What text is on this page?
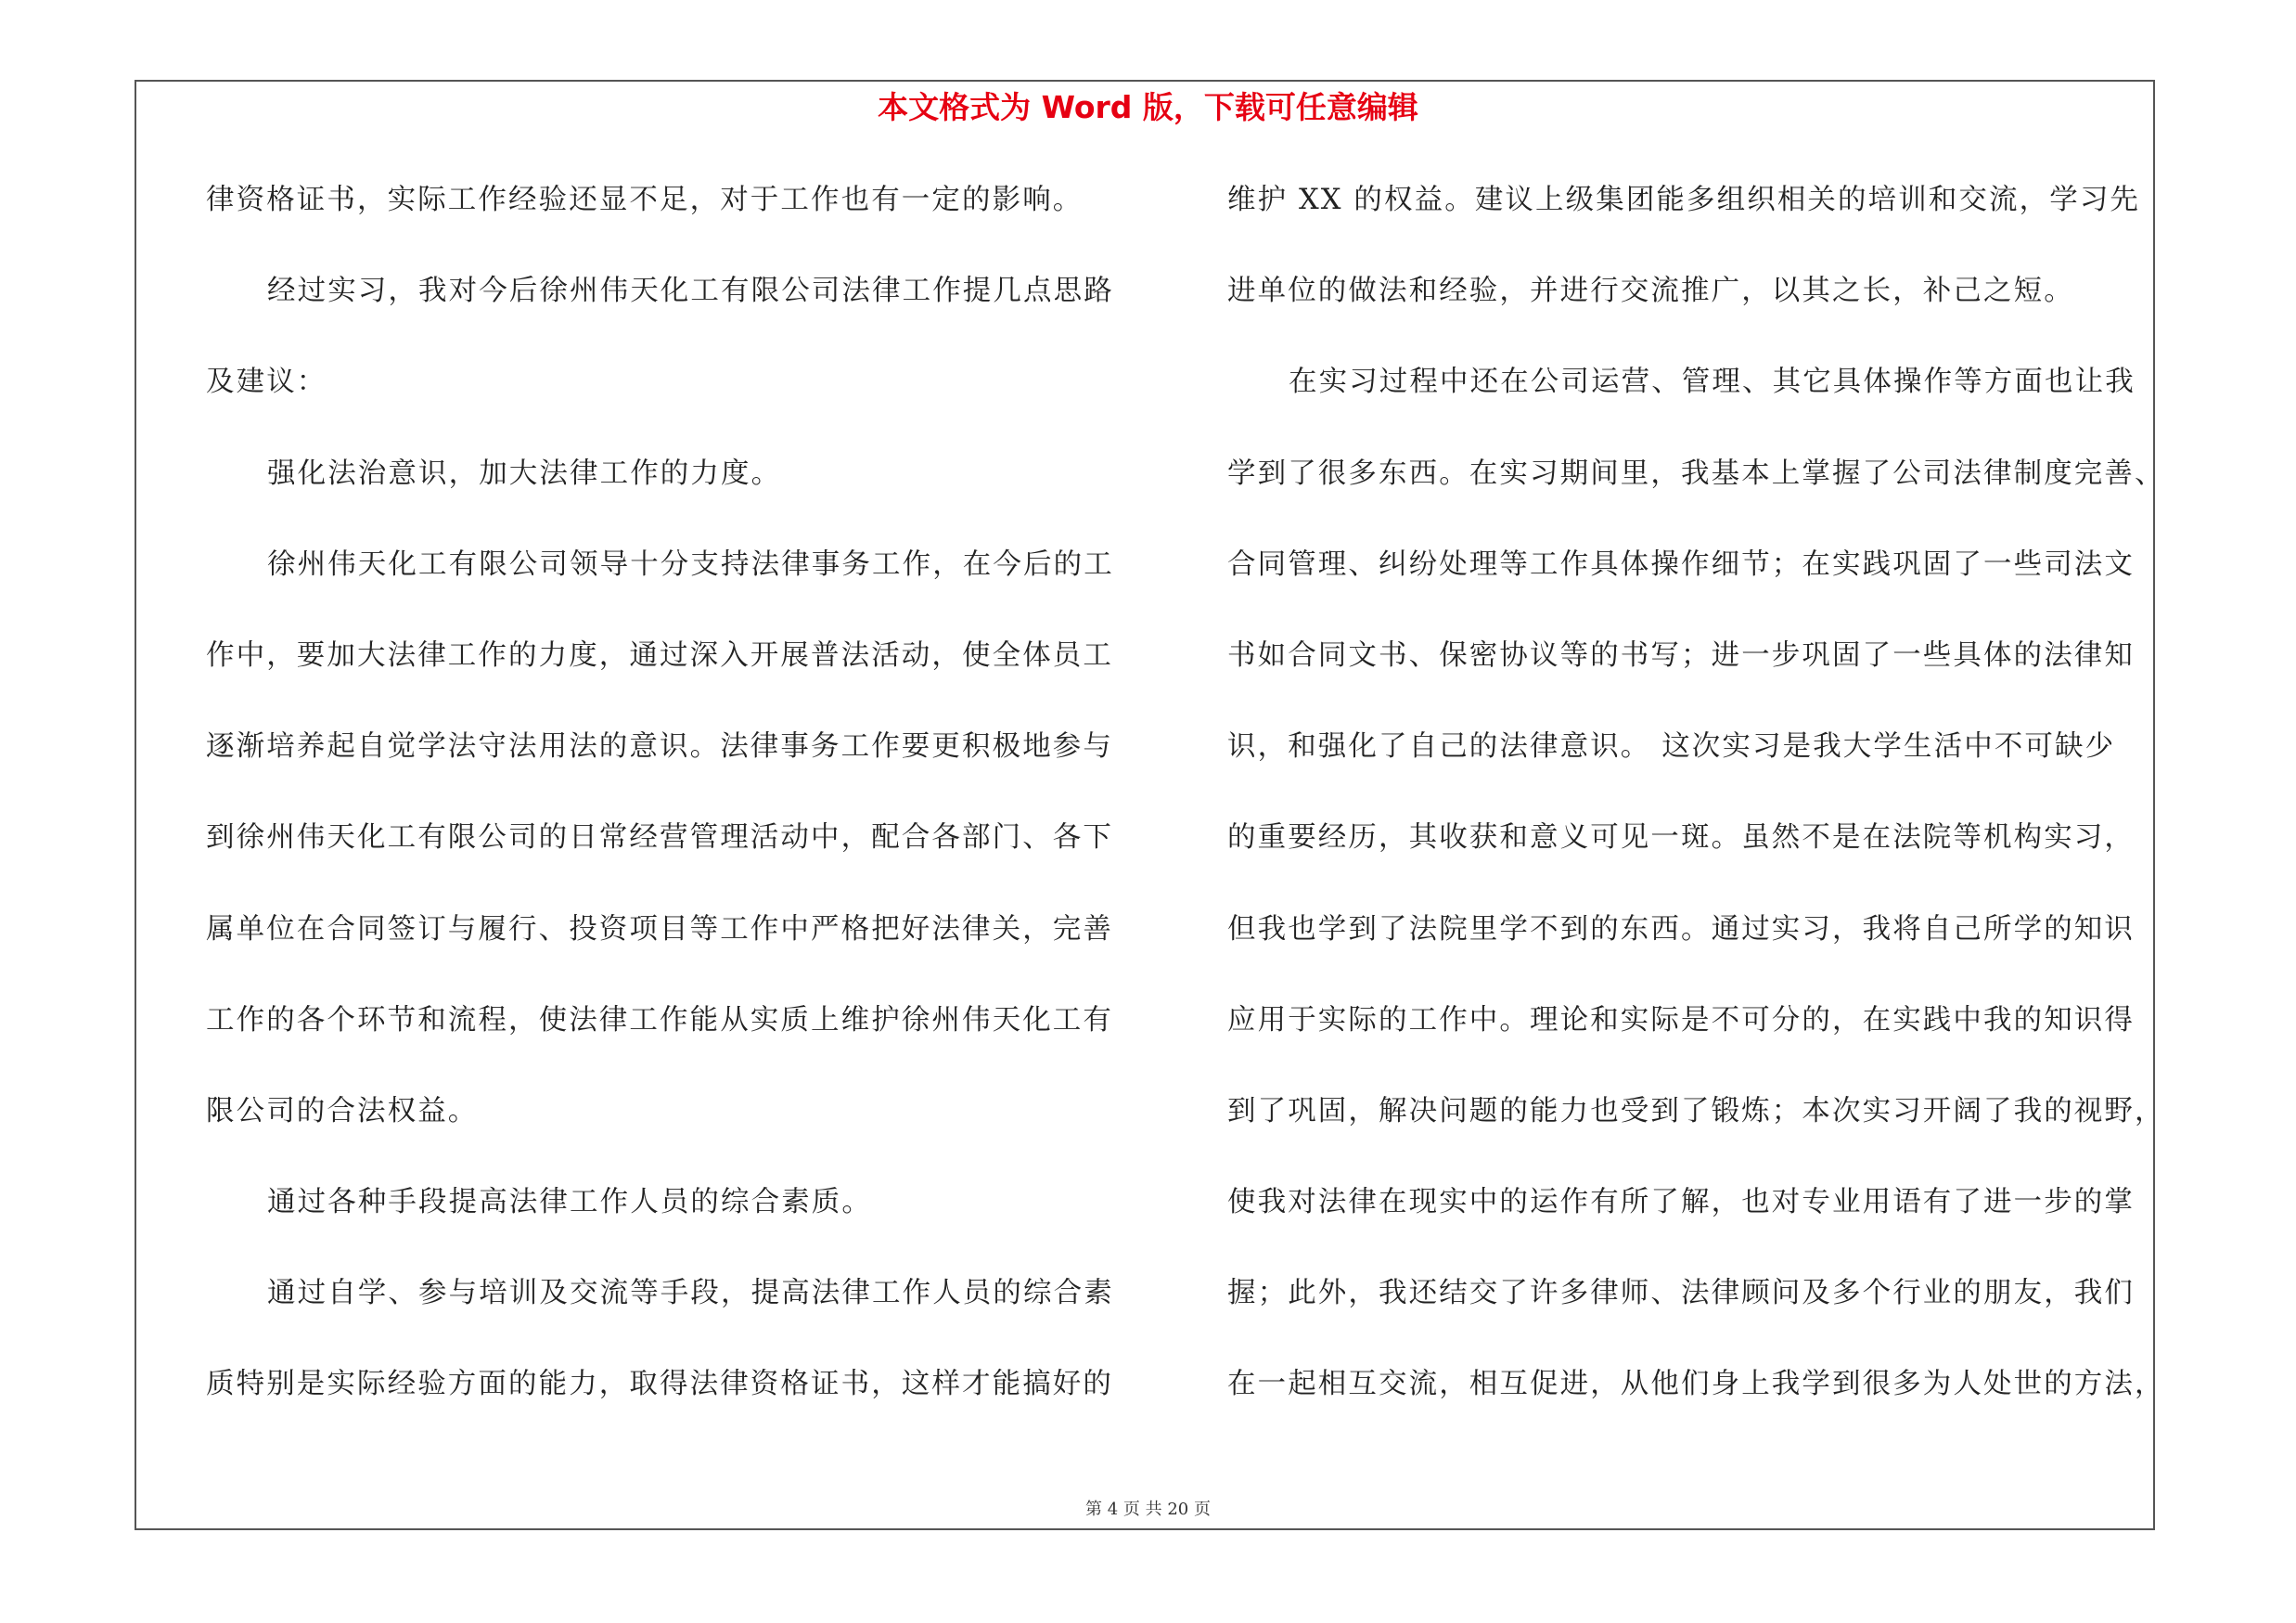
本文格式为 Word 版，下载可任意编辑
律资格证书，实际工作经验还显不足，对于工作也有一定的影响。
经过实习，我对今后徐州伟天化工有限公司法律工作提几点思路
及建议：
强化法治意识，加大法律工作的力度。
徐州伟天化工有限公司领导十分支持法律事务工作，在今后的工
作中，要加大法律工作的力度，通过深入开展普法活动，使全体员工
逐渐培养起自觉学法守法用法的意识。法律事务工作要更积极地参与
到徐州伟天化工有限公司的日常经营管理活动中，配合各部门、各下
属单位在合同签订与履行、投资项目等工作中严格把好法律关，完善
工作的各个环节和流程，使法律工作能从实质上维护徐州伟天化工有
限公司的合法权益。
通过各种手段提高法律工作人员的综合素质。
通过自学、参与培训及交流等手段，提高法律工作人员的综合素
质特别是实际经验方面的能力，取得法律资格证书，这样才能搞好的
维护 XX 的权益。建议上级集团能多组织相关的培训和交流，学习先
进单位的做法和经验，并进行交流推广，以其之长，补己之短。
在实习过程中还在公司运营、管理、其它具体操作等方面也让我
学到了很多东西。在实习期间里，我基本上掌握了公司法律制度完善、
合同管理、纠纷处理等工作具体操作细节；在实践巩固了一些司法文
书如合同文书、保密协议等的书写；进一步巩固了一些具体的法律知
识，和强化了自己的法律意识。 这次实习是我大学生活中不可缺少
的重要经历，其收获和意义可见一斑。虽然不是在法院等机构实习，
但我也学到了法院里学不到的东西。通过实习，我将自己所学的知识
应用于实际的工作中。理论和实际是不可分的，在实践中我的知识得
到了巩固，解决问题的能力也受到了锻炼；本次实习开阔了我的视野，
使我对法律在现实中的运作有所了解，也对专业用语有了进一步的掌
握；此外，我还结交了许多律师、法律顾问及多个行业的朋友，我们
在一起相互交流，相互促进，从他们身上我学到很多为人处世的方法，
第 4 页 共 20 页
